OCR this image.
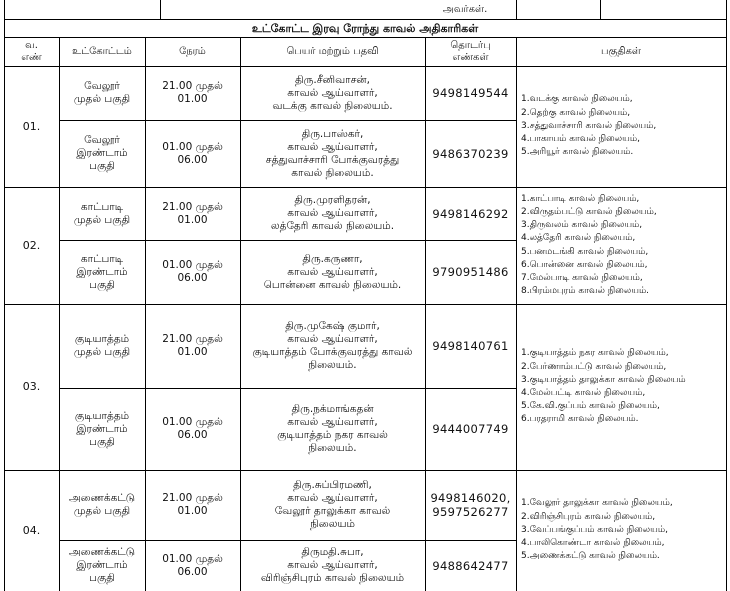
அவர்கள்.
உட்கோட்ட இரவு ரோந்து காவல் அதிகாரிகள்
வ.
எண்
உட்கோட்டம்	நேரம்	பெயர் மற்றும் பதவி
தொடர்பு
எண்கள்
பகுதிகள்
01.
1.வடக்கு காவல் நிலையம்,
2.தெற்கு காவல் நிலையம்,
3.சத்துவாச்சாரி காவல் நிலையம்,
4.பாகாயம் காவல் நிலையம்,
5.அரியூர் காவல் நிலையம்.
வேலூர்
முதல் பகுதி
21.00 முதல்
01.00
திரு.சீனிவாசன்,
காவல் ஆய்வாளர்,
வடக்கு காவல் நிலையம்.
9498149544
வேலூர்
இரண்டாம்
பகுதி
01.00 முதல்
06.00
திரு.பாஸ்கர்,
காவல் ஆய்வாளர்,
சத்துவாச்சாரி போக்குவரத்து
காவல் நிலையம்.
9486370239
02.
1.காட்பாடி காவல் நிலையம்,
2.விருதம்பட்டு காவல் நிலையம்,
3.திருவலம் காவல் நிலையம்,
4.லத்தேரி காவல் நிலையம்,
5.பனமடங்கி காவல் நிலையம்,
6.பொன்னை காவல் நிலையம்,
7.மேல்பாடி காவல் நிலையம்,
8.பிரம்மபுரம் காவல் நிலையம்.
காட்பாடி
முதல் பகுதி
21.00 முதல்
01.00
திரு.முரளிதரன்,
காவல் ஆய்வாளர்,
லத்தேரி காவல் நிலையம்.
9498146292
காட்பாடி
இரண்டாம்
பகுதி
01.00 முதல்
06.00
திரு.கருணா,
காவல் ஆய்வாளர்,
பொன்னை காவல் நிலையம்.
9790951486
03.
1.குடியாத்தம் நகர காவல் நிலையம்,
2.பேர்ணாம்பட்டு காவல் நிலையம்,
3.குடியாத்தம் தாலுக்கா காவல் நிலையம்
4.மேல்பட்டி காவல் நிலையம்,
5.கே.வி.குப்பம் காவல் நிலையம்,
6.பரதராமி காவல் நிலையம்.
குடியாத்தம்
முதல் பகுதி
21.00 முதல்
01.00
திரு.முகேஷ் குமார்,
காவல் ஆய்வாளர்,
குடியாத்தம் போக்குவரத்து காவல்
நிலையம்.
9498140761
குடியாத்தம்
இரண்டாம்
பகுதி
01.00 முதல்
06.00
திரு.நக்மாங்கதன்
காவல் ஆய்வாளர்,
குடியாத்தம் நகர காவல்
நிலையம்.
9444007749
04.
1.வேலூர் தாலுக்கா காவல் நிலையம்,
2.விரிஞ்சிபுரம் காவல் நிலையம்,
3.வேப்பங்குப்பம் காவல் நிலையம்,
4.பாலிகொண்டா காவல் நிலையம்,
5.அணைக்கட்டு காவல் நிலையம்.
அணைக்கட்டு
முதல் பகுதி
21.00 முதல்
01.00
திரு.சுப்பிரமணி,
காவல் ஆய்வாளர்,
வேலூர் தாலுக்கா காவல்
நிலையம்
9498146020,
9597526277
அணைக்கட்டு
இரண்டாம்
பகுதி
01.00 முதல்
06.00
திருமதி.சுபா,
காவல் ஆய்வாளர்,
விரிஞ்சிபுரம் காவல் நிலையம்
9488642477
